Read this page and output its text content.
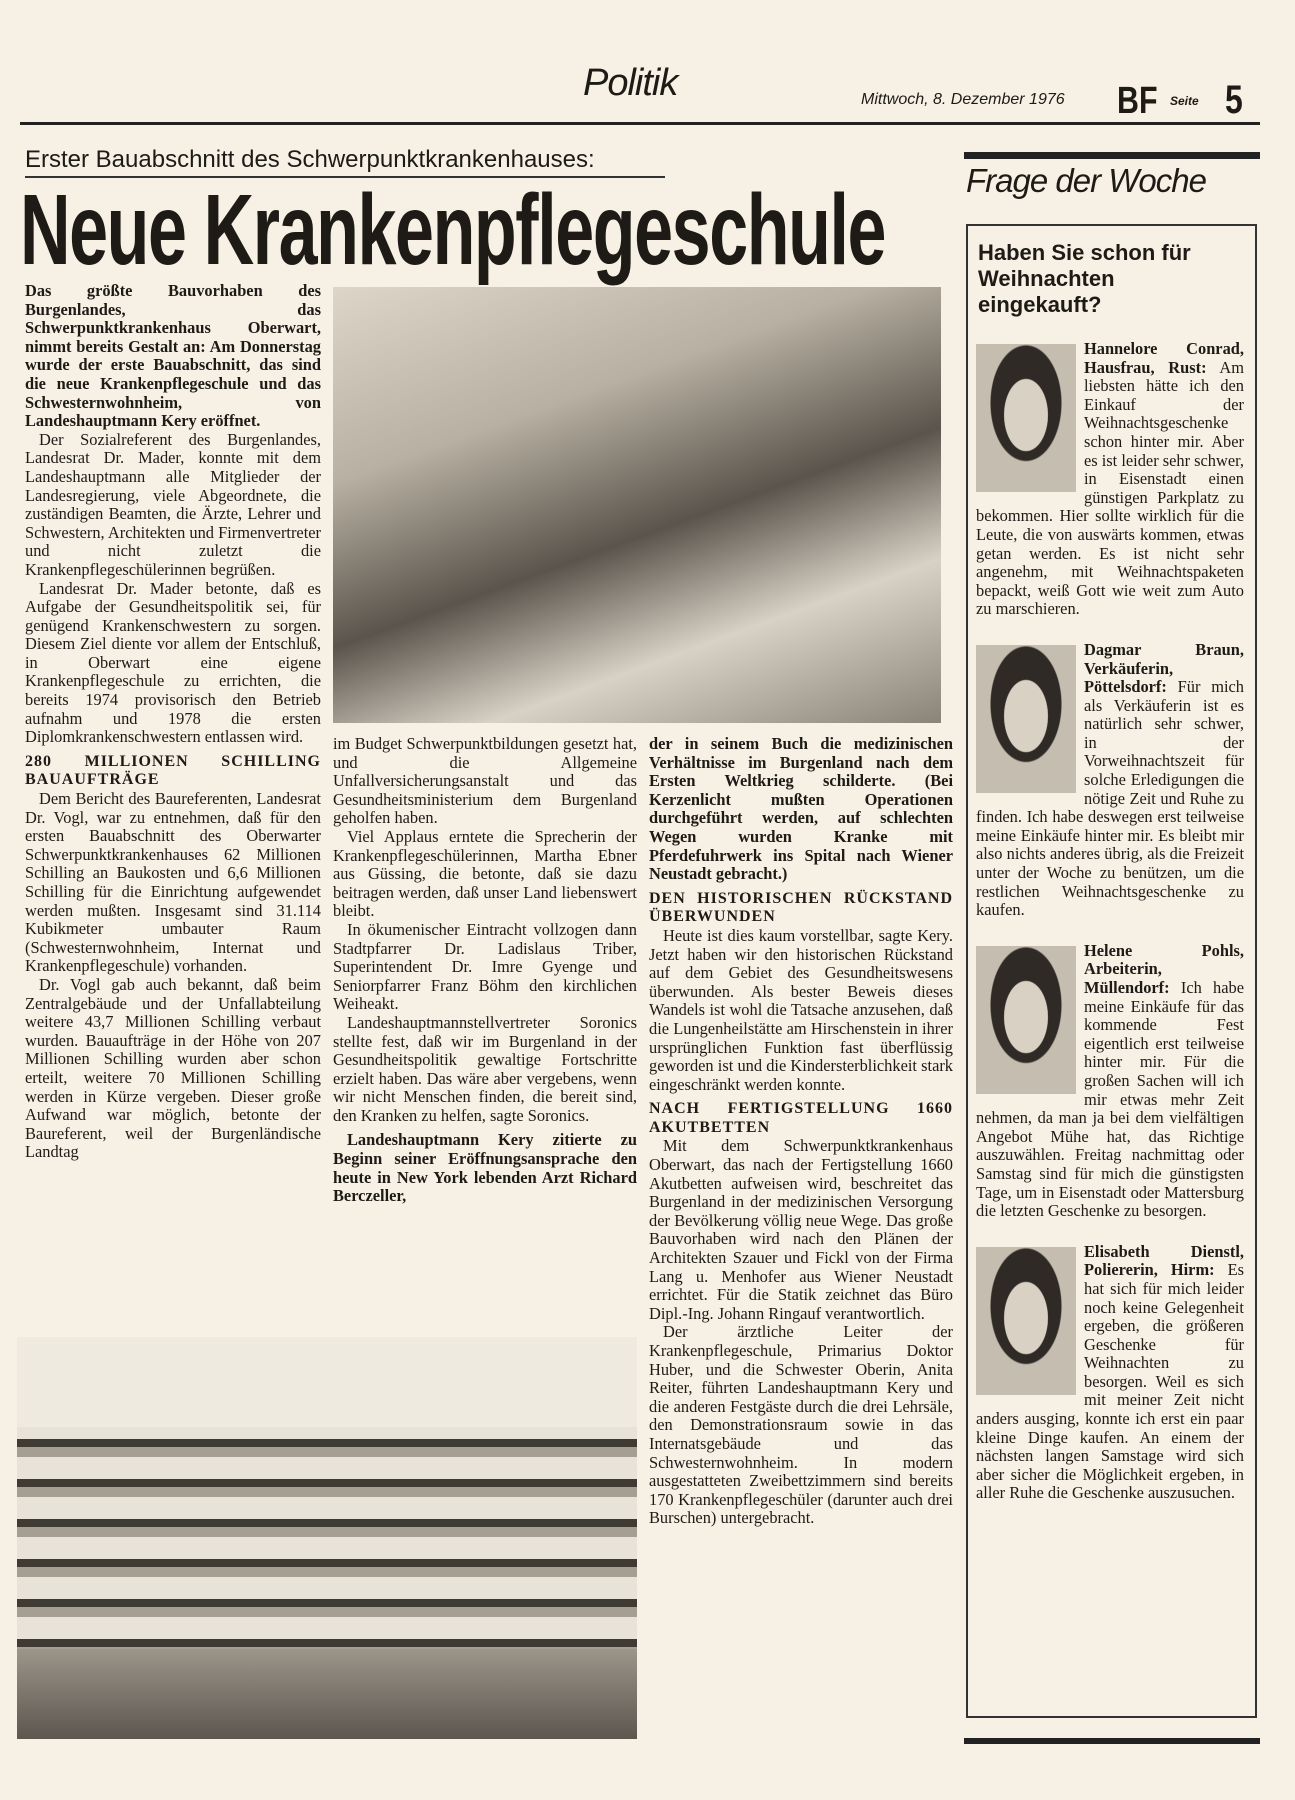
Politik	Mittwoch, 8. Dezember 1976 BF Seite 5
Erster Bauabschnitt des Schwerpunktkrankenhauses:
Neue Krankenpflegeschule

Das größte Bauvorhaben des Burgenlandes, das Schwerpunktkrankenhaus Oberwart, nimmt bereits Gestalt an: Am Donnerstag wurde der erste Bauabschnitt, das sind die neue Krankenpflegeschule und das Schwesternwohnheim, von Landeshauptmann Kery eröffnet.

Der Sozialreferent des Burgenlandes, Landesrat Dr. Mader, konnte mit dem Landeshauptmann alle Mitglieder der Landesregierung, viele Abgeordnete, die zuständigen Beamten, die Ärzte, Lehrer und Schwestern, Architekten und Firmenvertreter und nicht zuletzt die Krankenpflegeschülerinnen begrüßen.

Landesrat Dr. Mader betonte, daß es Aufgabe der Gesundheitspolitik sei, für genügend Krankenschwestern zu sorgen. Diesem Ziel diente vor allem der Entschluß, in Oberwart eine eigene Krankenpflegeschule zu errichten, die bereits 1974 provisorisch den Betrieb aufnahm und 1978 die ersten Diplomkrankenschwestern entlassen wird.

280 MILLIONEN SCHILLING BAUAUFTRÄGE

Dem Bericht des Baureferenten, Landesrat Dr. Vogl, war zu entnehmen, daß für den ersten Bauabschnitt des Oberwarter Schwerpunktkrankenhauses 62 Millionen Schilling an Baukosten und 6,6 Millionen Schilling für die Einrichtung aufgewendet werden mußten. Insgesamt sind 31.114 Kubikmeter umbauter Raum (Schwesternwohnheim, Internat und Krankenpflegeschule) vorhanden.

Dr. Vogl gab auch bekannt, daß beim Zentralgebäude und der Unfallabteilung weitere 43,7 Millionen Schilling verbaut wurden. Bauaufträge in der Höhe von 207 Millionen Schilling wurden aber schon erteilt, weitere 70 Millionen Schilling werden in Kürze vergeben. Dieser große Aufwand war möglich, betonte der Baureferent, weil der Burgenländische Landtag

im Budget Schwerpunktbildungen gesetzt hat, und die Allgemeine Unfallversicherungsanstalt und das Gesundheitsministerium dem Burgenland geholfen haben.

Viel Applaus erntete die Sprecherin der Krankenpflegeschülerinnen, Martha Ebner aus Güssing, die betonte, daß sie dazu beitragen werden, daß unser Land liebenswert bleibt.

In ökumenischer Eintracht vollzogen dann Stadtpfarrer Dr. Ladislaus Triber, Superintendent Dr. Imre Gyenge und Seniorpfarrer Franz Böhm den kirchlichen Weiheakt.

Landeshauptmannstellvertreter Soronics stellte fest, daß wir im Burgenland in der Gesundheitspolitik gewaltige Fortschritte erzielt haben. Das wäre aber vergebens, wenn wir nicht Menschen finden, die bereit sind, den Kranken zu helfen, sagte Soronics.

Landeshauptmann Kery zitierte zu Beginn seiner Eröffnungsansprache den heute in New York lebenden Arzt Richard Berczeller,

der in seinem Buch die medizinischen Verhältnisse im Burgenland nach dem Ersten Weltkrieg schilderte. (Bei Kerzenlicht mußten Operationen durchgeführt werden, auf schlechten Wegen wurden Kranke mit Pferdefuhrwerk ins Spital nach Wiener Neustadt gebracht.)

DEN HISTORISCHEN RÜCKSTAND ÜBERWUNDEN

Heute ist dies kaum vorstellbar, sagte Kery. Jetzt haben wir den historischen Rückstand auf dem Gebiet des Gesundheitswesens überwunden. Als bester Beweis dieses Wandels ist wohl die Tatsache anzusehen, daß die Lungenheilstätte am Hirschenstein in ihrer ursprünglichen Funktion fast überflüssig geworden ist und die Kindersterblichkeit stark eingeschränkt werden konnte.

NACH FERTIGSTELLUNG 1660 AKUTBETTEN

Mit dem Schwerpunktkrankenhaus Oberwart, das nach der Fertigstellung 1660 Akutbetten aufweisen wird, beschreitet das Burgenland in der medizinischen Versorgung der Bevölkerung völlig neue Wege. Das große Bauvorhaben wird nach den Plänen der Architekten Szauer und Fickl von der Firma Lang u. Menhofer aus Wiener Neustadt errichtet. Für die Statik zeichnet das Büro Dipl.-Ing. Johann Ringauf verantwortlich.

Der ärztliche Leiter der Krankenpflegeschule, Primarius Doktor Huber, und die Schwester Oberin, Anita Reiter, führten Landeshauptmann Kery und die anderen Festgäste durch die drei Lehrsäle, den Demonstrationsraum sowie in das Internatsgebäude und das Schwesternwohnheim. In modern ausgestatteten Zweibettzimmern sind bereits 170 Krankenpflegeschüler (darunter auch drei Burschen) untergebracht.

Frage der Woche
Haben Sie schon für Weihnachten eingekauft?
Hannelore Conrad, Hausfrau, Rust: Am liebsten hätte ich den Einkauf der Weihnachtsgeschenke schon hinter mir. Aber es ist leider sehr schwer, in Eisenstadt einen günstigen Parkplatz zu bekommen. Hier sollte wirklich für die Leute, die von auswärts kommen, etwas getan werden. Es ist nicht sehr angenehm, mit Weihnachtspaketen bepackt, weiß Gott wie weit zum Auto zu marschieren.
Dagmar Braun, Verkäuferin, Pöttelsdorf: Für mich als Verkäuferin ist es natürlich sehr schwer, in der Vorweihnachtszeit für solche Erledigungen die nötige Zeit und Ruhe zu finden. Ich habe deswegen erst teilweise meine Einkäufe hinter mir. Es bleibt mir also nichts anderes übrig, als die Freizeit unter der Woche zu benützen, um die restlichen Weihnachtsgeschenke zu kaufen.
Helene Pohls, Arbeiterin, Müllendorf: Ich habe meine Einkäufe für das kommende Fest eigentlich erst teilweise hinter mir. Für die großen Sachen will ich mir etwas mehr Zeit nehmen, da man ja bei dem vielfältigen Angebot Mühe hat, das Richtige auszuwählen. Freitag nachmittag oder Samstag sind für mich die günstigsten Tage, um in Eisenstadt oder Mattersburg die letzten Geschenke zu besorgen.
Elisabeth Dienstl, Poliererin, Hirm: Es hat sich für mich leider noch keine Gelegenheit ergeben, die größeren Geschenke für Weihnachten zu besorgen. Weil es sich mit meiner Zeit nicht anders ausging, konnte ich erst ein paar kleine Dinge kaufen. An einem der nächsten langen Samstage wird sich aber sicher die Möglichkeit ergeben, in aller Ruhe die Geschenke auszusuchen.
